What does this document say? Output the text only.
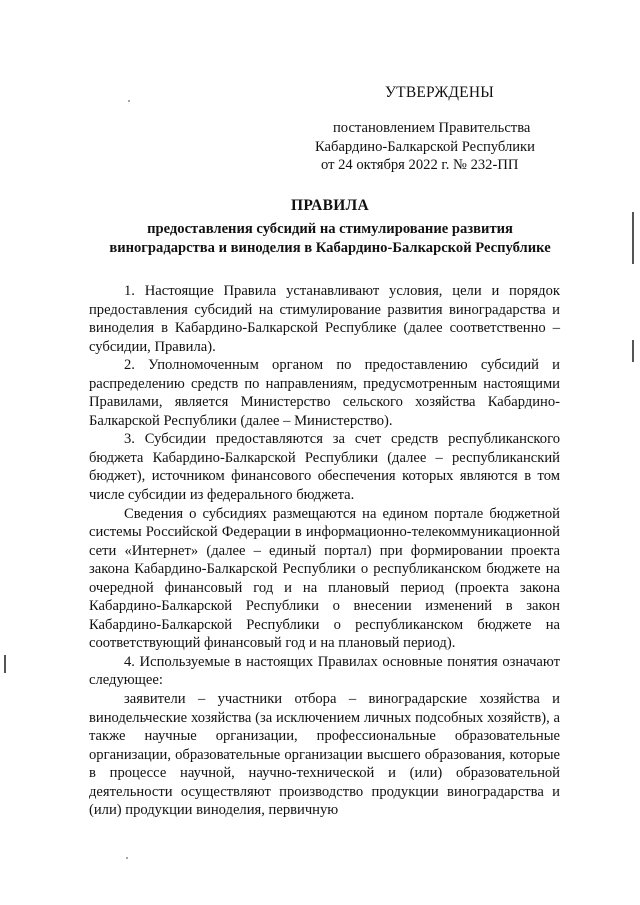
УТВЕРЖДЕНЫ
постановлением Правительства
Кабардино-Балкарской Республики
от 24 октября 2022 г. № 232-ПП
ПРАВИЛА
предоставления субсидий на стимулирование развития
виноградарства и виноделия в Кабардино-Балкарской Республике

1. Настоящие Правила устанавливают условия, цели и порядок предоставления субсидий на стимулирование развития виноградарства и виноделия в Кабардино-Балкарской Республике (далее соответственно – субсидии, Правила).

2. Уполномоченным органом по предоставлению субсидий и распределению средств по направлениям, предусмотренным настоящими Правилами, является Министерство сельского хозяйства Кабардино-Балкарской Республики (далее – Министерство).

3. Субсидии предоставляются за счет средств республиканского бюджета Кабардино-Балкарской Республики (далее – республиканский бюджет), источником финансового обеспечения которых являются в том числе субсидии из федерального бюджета.

Сведения о субсидиях размещаются на едином портале бюджетной системы Российской Федерации в информационно-телекоммуникационной сети «Интернет» (далее – единый портал) при формировании проекта закона Кабардино-Балкарской Республики о республиканском бюджете на очередной финансовый год и на плановый период (проекта закона Кабардино-Балкарской Республики о внесении изменений в закон Кабардино-Балкарской Республики о республиканском бюджете на соответствующий финансовый год и на плановый период).

4. Используемые в настоящих Правилах основные понятия означают следующее:

заявители – участники отбора – виноградарские хозяйства и винодельческие хозяйства (за исключением личных подсобных хозяйств), а также научные организации, профессиональные образовательные организации, образовательные организации высшего образования, которые в процессе научной, научно-технической и (или) образовательной деятельности осуществляют производство продукции виноградарства и (или) продукции виноделия, первичную
